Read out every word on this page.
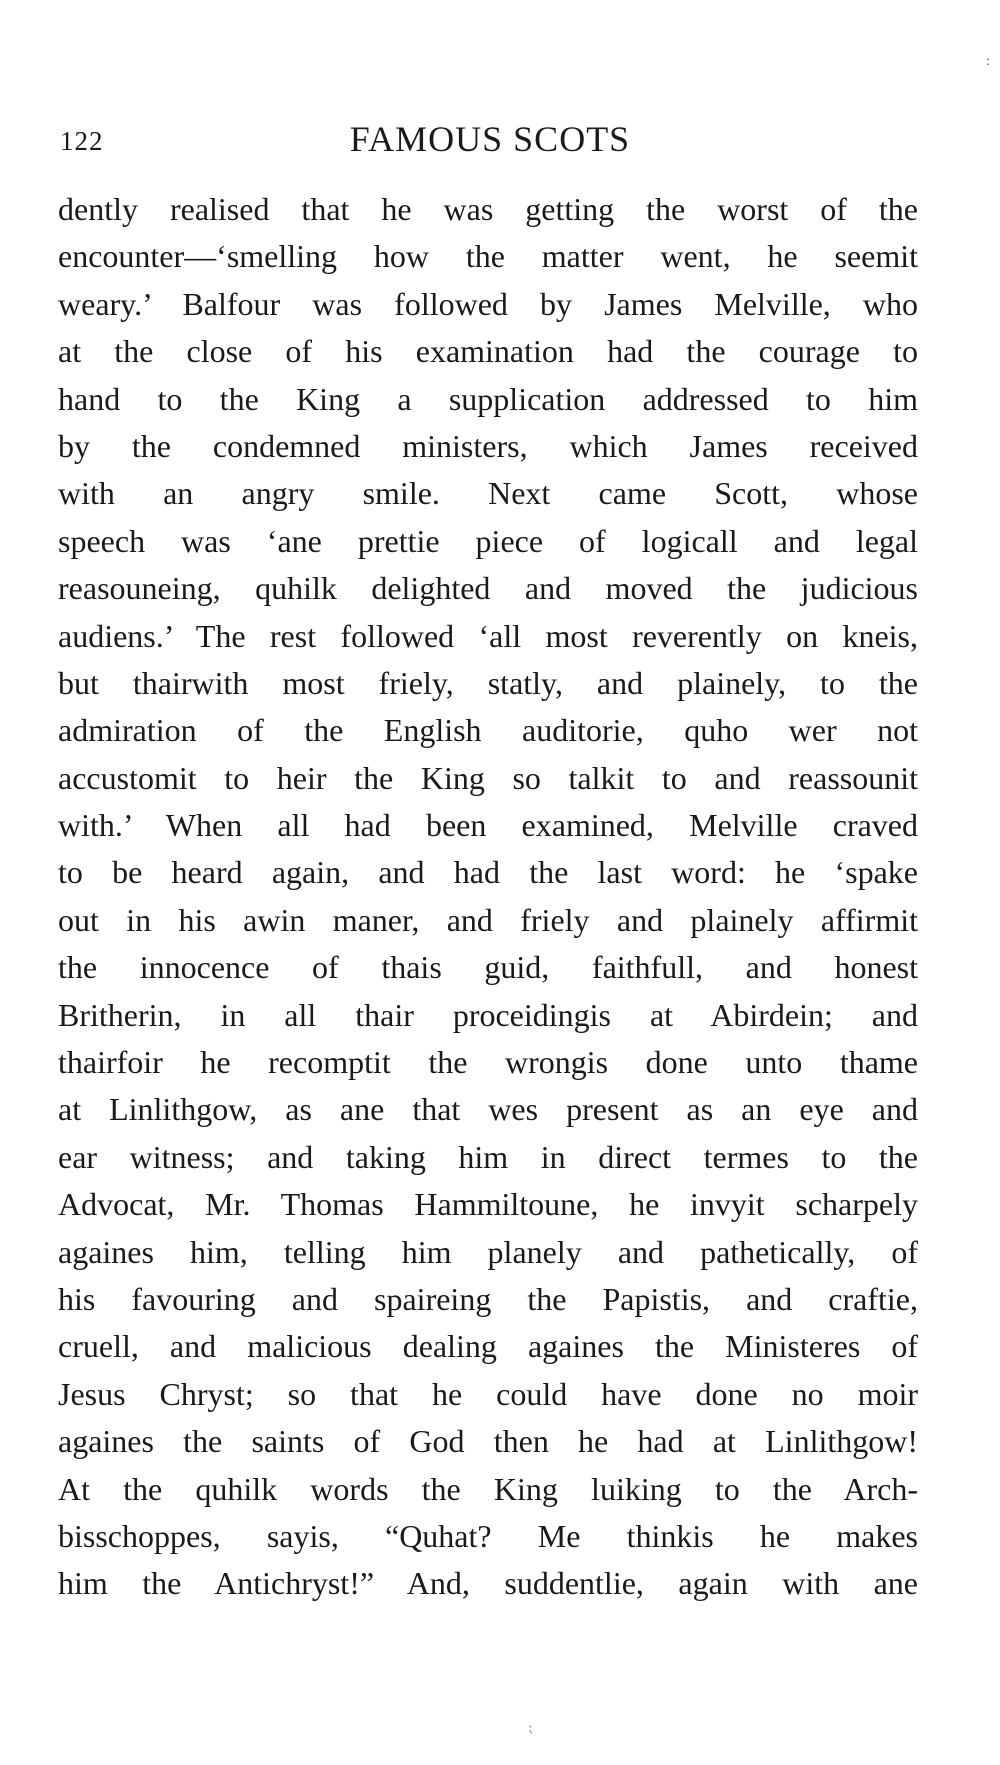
:
122	FAMOUS SCOTS
dently realised that he was getting the worst of the
encounter—‘smelling how the matter went, he seemit
weary.’ Balfour was followed by James Melville, who
at the close of his examination had the courage to
hand to the King a supplication addressed to him
by the condemned ministers, which James received
with an angry smile. Next came Scott, whose
speech was ‘ane prettie piece of logicall and legal
reasouneing, quhilk delighted and moved the judicious
audiens.’ The rest followed ‘all most reverently on kneis,
but thairwith most friely, statly, and plainely, to the
admiration of the English auditorie, quho wer not
accustomit to heir the King so talkit to and reassounit
with.’ When all had been examined, Melville craved
to be heard again, and had the last word: he ‘spake
out in his awin maner, and friely and plainely affirmit
the innocence of thais guid, faithfull, and honest
Britherin, in all thair proceidingis at Abirdein; and
thairfoir he recomptit the wrongis done unto thame
at Linlithgow, as ane that wes present as an eye and
ear witness; and taking him in direct termes to the
Advocat, Mr. Thomas Hammiltoune, he invyit scharpely
againes him, telling him planely and pathetically, of
his favouring and spaireing the Papistis, and craftie,
cruell, and malicious dealing againes the Ministeres of
Jesus Chryst; so that he could have done no moir
againes the saints of God then he had at Linlithgow!
At the quhilk words the King luiking to the Arch-
bisschoppes, sayis, “Quhat? Me thinkis he makes
him the Antichryst!” And, suddentlie, again with ane
⁏
